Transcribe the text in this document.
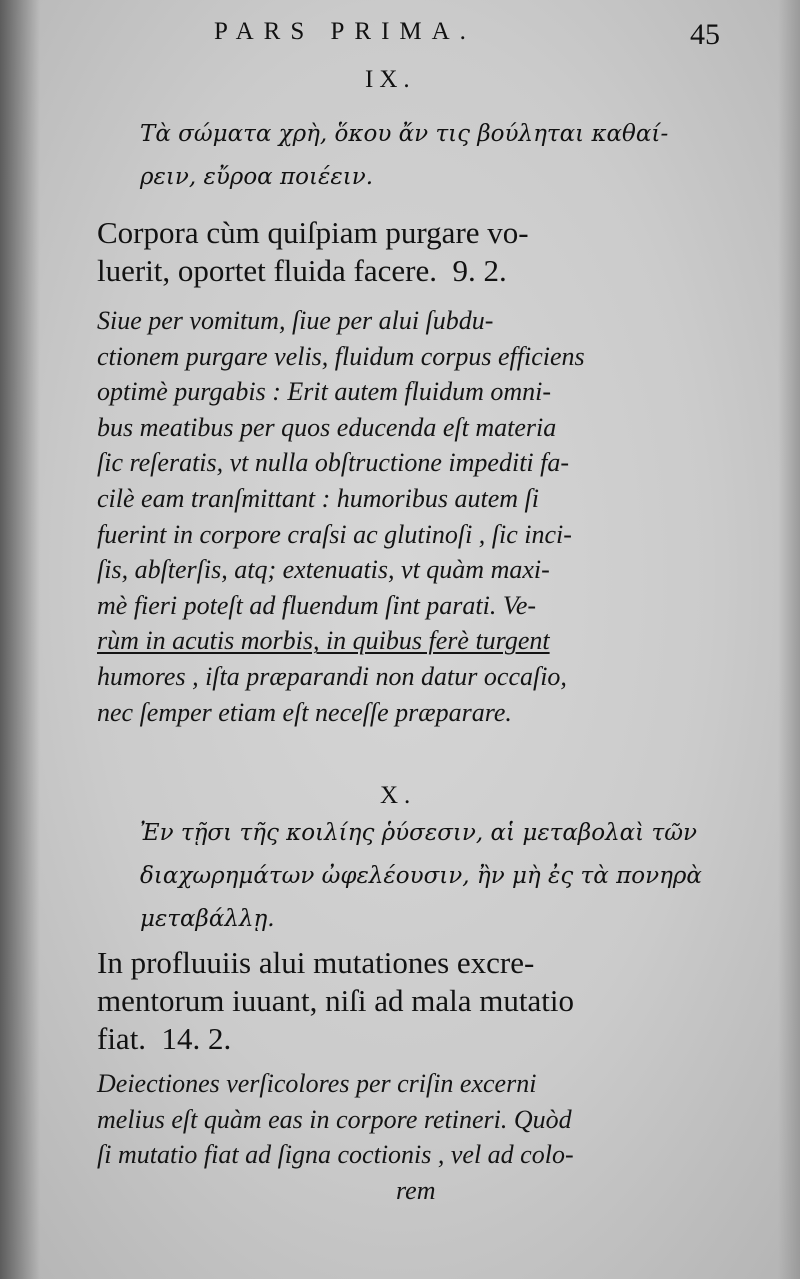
PARS PRIMA.	45
IX.
Τὰ σώματα χρὴ, ὅκου ἄν τις βούληται καθαί-
ρειν, εὔροα ποιέειν.
Corpora cùm quiſpiam purgare vo-
luerit, oportet fluida facere.  9. 2.
Siue per vomitum, ſiue per alui ſubdu-
ctionem purgare velis, fluidum corpus efficiens
optimè purgabis : Erit autem fluidum omni-
bus meatibus per quos educenda eſt materia
ſic reſeratis, vt nulla obſtructione impediti fa-
cilè eam tranſmittant : humoribus autem ſi
fuerint in corpore craſsi ac glutinoſi , ſic inci-
ſis, abſterſis, atq; extenuatis, vt quàm maxi-
mè fieri poteſt ad fluendum ſint parati. Ve-
rùm in acutis morbis, in quibus ferè turgent
humores , iſta præparandi non datur occaſio,
nec ſemper etiam eſt neceſſe præparare.
X.
Ἐν τῇσι τῆς κοιλίης ῥύσεσιν, αἱ μεταβολαὶ τῶν
διαχωρημάτων ὠφελέουσιν, ἢν μὴ ἐς τὰ πονηρὰ
μεταβάλλῃ.
In profluuiis alui mutationes excre-
mentorum iuuant, niſi ad mala mutatio
fiat.  14. 2.
Deiectiones verſicolores per criſin excerni
melius eſt quàm eas in corpore retineri. Quòd
ſi mutatio fiat ad ſigna coctionis , vel ad colo-
rem
